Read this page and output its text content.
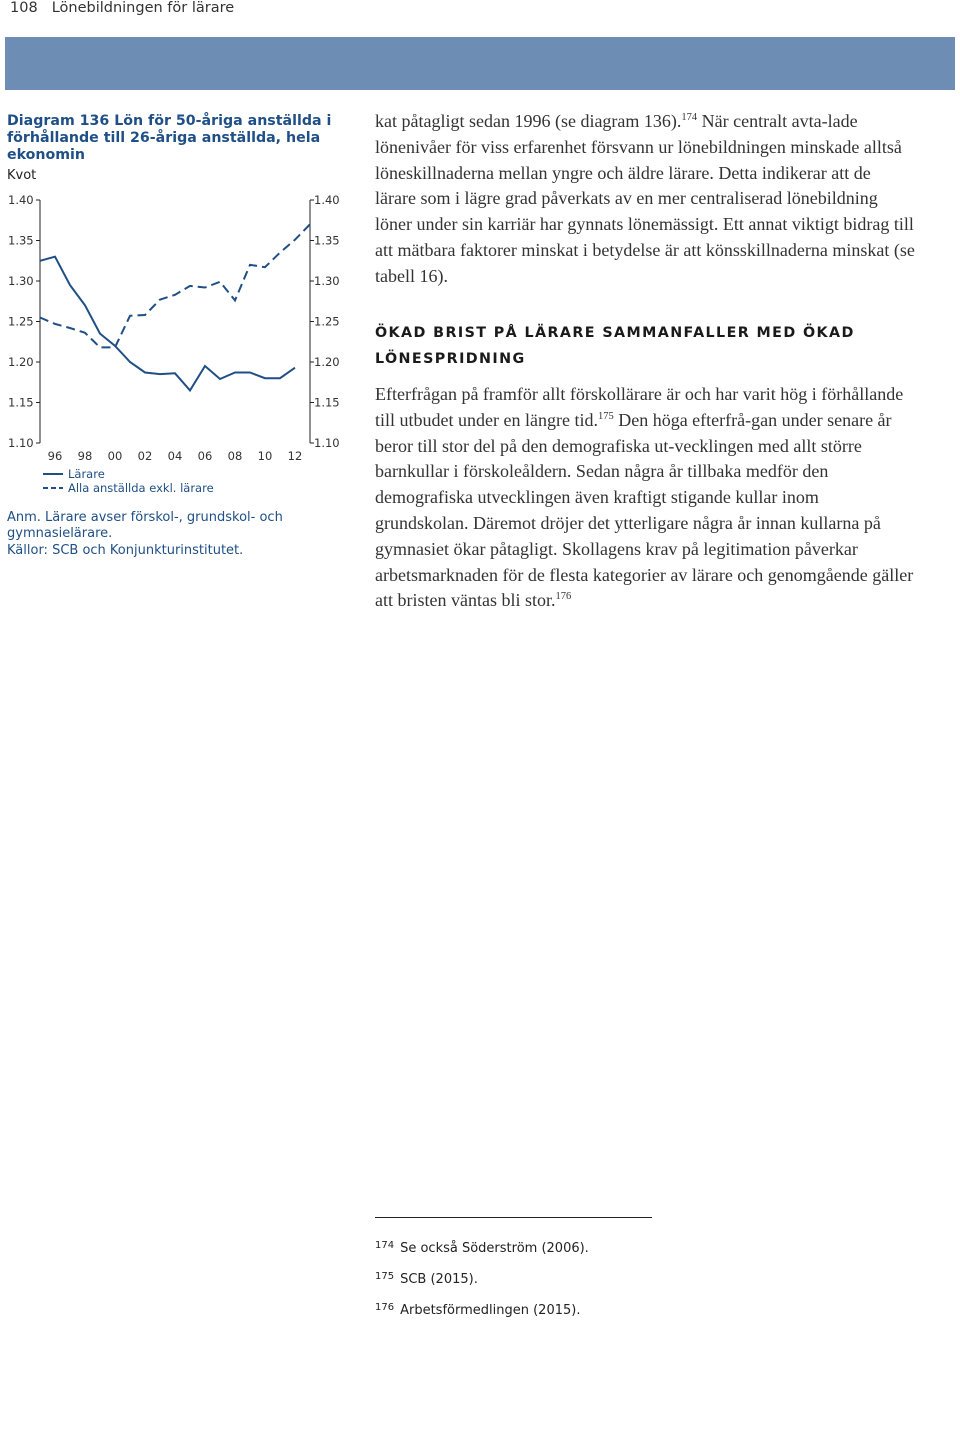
108 Lönebildningen för lärare
Diagram 136 Lön för 50-åriga anställda i förhållande till 26-åriga anställda, hela ekonomin
Kvot
1.10	1.10
1.15	1.15
1.20	1.20
1.25	1.25
1.30	1.30
1.35	1.35
1.40	1.40
96 98 00 02 04 06 08 10 12
Lärare
Alla anställda exkl. lärare
Anm. Lärare avser förskol-, grundskol- och gymnasielärare.
Källor: SCB och Konjunkturinstitutet.

kat påtagligt sedan 1996 (se diagram 136).$^{174}$ När centralt avta-lade lönenivåer för viss erfarenhet försvann ur lönebildningen minskade alltså löneskillnaderna mellan yngre och äldre lärare. Detta indikerar att de lärare som i lägre grad påverkats av en mer centraliserad lönebildning löner under sin karriär har gynnats lönemässigt. Ett annat viktigt bidrag till att mätbara faktorer minskat i betydelse är att könsskillnaderna minskat (se tabell 16).

ÖKAD BRIST PÅ LÄRARE SAMMANFALLER MED ÖKAD LÖNESPRIDNING

Efterfrågan på framför allt förskollärare är och har varit hög i förhållande till utbudet under en längre tid.$^{175}$ Den höga efterfrå-gan under senare år beror till stor del på den demografiska ut-vecklingen med allt större barnkullar i förskoleåldern. Sedan några år tillbaka medför den demografiska utvecklingen även kraftigt stigande kullar inom grundskolan. Däremot dröjer det ytterligare några år innan kullarna på gymnasiet ökar påtagligt. Skollagens krav på legitimation påverkar arbetsmarknaden för de flesta kategorier av lärare och genomgående gäller att bristen väntas bli stor.$^{176}$

$^{174}$ Se också Söderström (2006).
$^{175}$ SCB (2015).
$^{176}$ Arbetsförmedlingen (2015).
